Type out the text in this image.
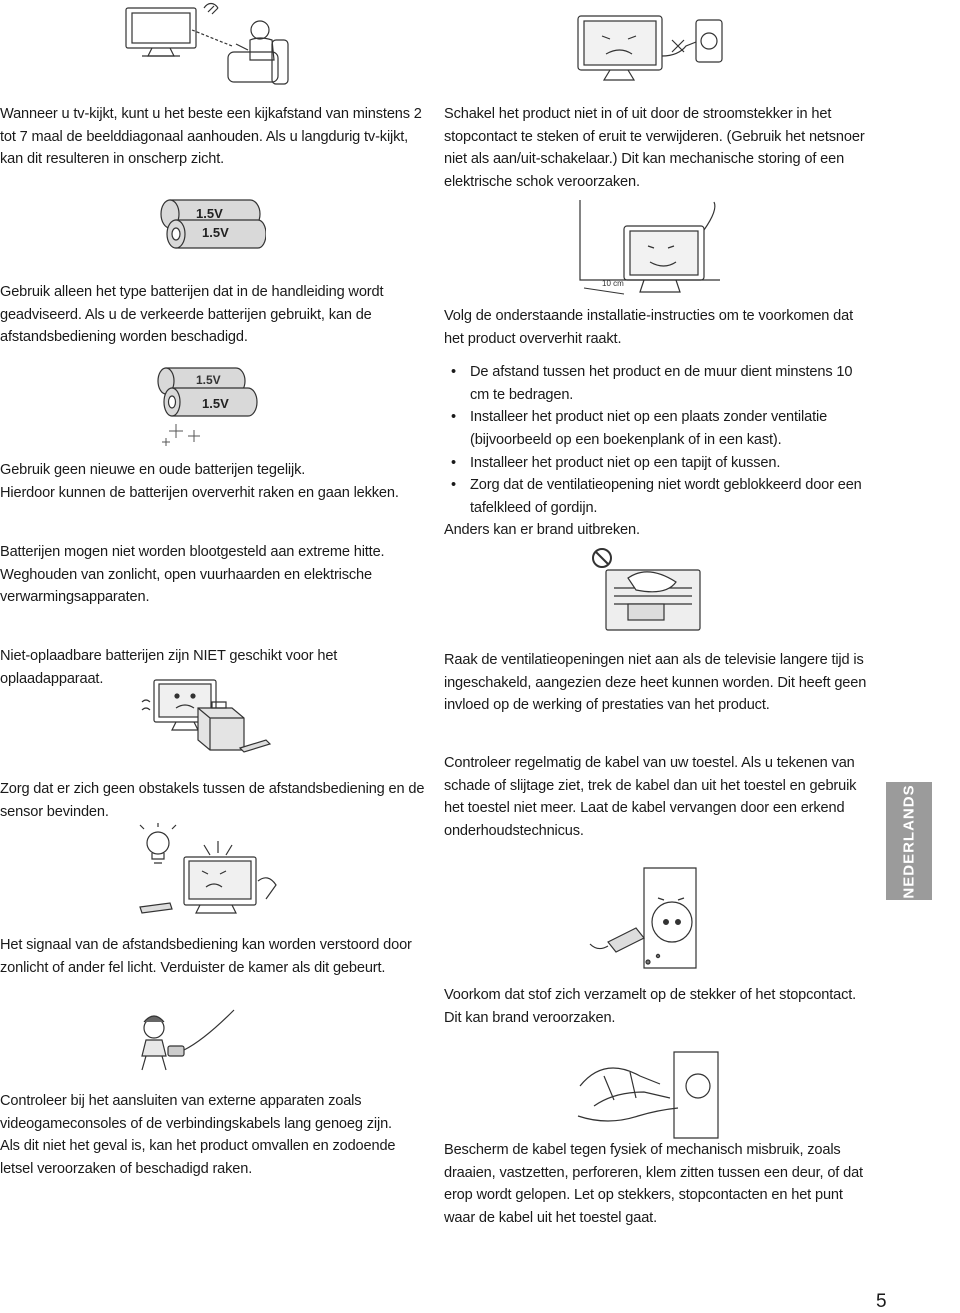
Wanneer u tv-kijkt, kunt u het beste een kijkafstand van minstens 2 tot 7 maal de beelddiagonaal aanhouden. Als u langdurig tv-kijkt, kan dit resulteren in onscherp zicht.

Gebruik alleen het type batterijen dat in de handleiding wordt geadviseerd. Als u de verkeerde batterijen gebruikt, kan de afstandsbediening worden beschadigd.

Gebruik geen nieuwe en oude batterijen tegelijk.

Hierdoor kunnen de batterijen oververhit raken en gaan lekken.

Batterijen mogen niet worden blootgesteld aan extreme hitte.

Weghouden van zonlicht, open vuurhaarden en elektrische verwarmingsapparaten.

Niet-oplaadbare batterijen zijn NIET geschikt voor het oplaadapparaat.

Zorg dat er zich geen obstakels tussen de afstandsbediening en de sensor bevinden.

Het signaal van de afstandsbediening kan worden verstoord door zonlicht of ander fel licht. Verduister de kamer als dit gebeurt.

Controleer bij het aansluiten van externe apparaten zoals videogameconsoles of de verbindingskabels lang genoeg zijn.

Als dit niet het geval is, kan het product omvallen en zodoende letsel veroorzaken of beschadigd raken.

Schakel het product niet in of uit door de stroomstekker in het stopcontact te steken of eruit te verwijderen. (Gebruik het netsnoer niet als aan/uit-schakelaar.) Dit kan mechanische storing of een elektrische schok veroorzaken.

Volg de onderstaande installatie-instructies om te voorkomen dat het product oververhit raakt.

• De afstand tussen het product en de muur dient minstens 10 cm te bedragen.
• Installeer het product niet op een plaats zonder ventilatie (bijvoorbeeld op een boekenplank of in een kast).
• Installeer het product niet op een tapijt of kussen.
• Zorg dat de ventilatieopening niet wordt geblokkeerd door een tafelkleed of gordijn.

Anders kan er brand uitbreken.

Raak de ventilatieopeningen niet aan als de televisie langere tijd is ingeschakeld, aangezien deze heet kunnen worden. Dit heeft geen invloed op de werking of prestaties van het product.

Controleer regelmatig de kabel van uw toestel. Als u tekenen van schade of slijtage ziet, trek de kabel dan uit het toestel en gebruik het toestel niet meer. Laat de kabel vervangen door een erkend onderhoudstechnicus.

Voorkom dat stof zich verzamelt op de stekker of het stopcontact.

Dit kan brand veroorzaken.

Bescherm de kabel tegen fysiek of mechanisch misbruik, zoals draaien, vastzetten, perforeren, klem zitten tussen een deur, of dat erop wordt gelopen. Let op stekkers, stopcontacten en het punt waar de kabel uit het toestel gaat.

1.5V
1.5V
1.5V
1.5V
10 cm
NEDERLANDS
5
